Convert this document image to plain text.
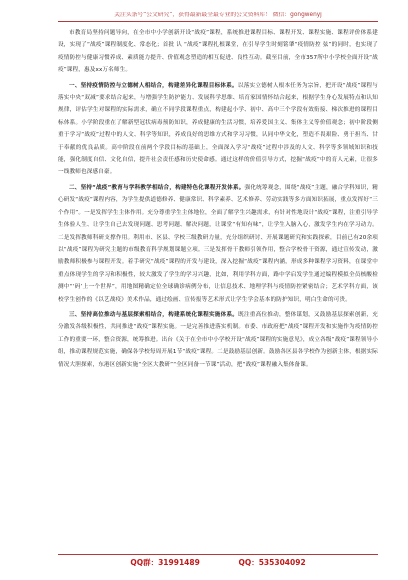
关注头条号“公文研究”，获得最新最全最专业的公文资料库！ 微信：gongwenyj

市教育局坚持问题导向，在全市中小学创新开设“战疫”课程，系统推进课程目标、课程开发、课程实施、课程评价体系建设，实现了“战疫”课程制度化、常态化；首批 认 “战疫”课程扎根课堂，在引导学生时刻铭肇“疫情防控 弦”的同时，也实现了疫情防控与健康习惯养成、素质能力提升、价值观念塑造的相互促进、良性互动。截至目前，全市357所中小学校全面开设“战疫”课程，惠及xx万名师生。

一、坚持疫情防控与立德树人相结合，构建差异化课程目标体系。以落实立德树人根本任务为宗旨，把开设“战疫”课程与落实中央“双减”要求结合起来，与增强学生防护能力、发展科学思维、培育家国情怀结合起来，根据学生身心发展特点和认知规律，评估学生对课程的实际需求，确立不同学段课程重点，构建起小学、初中、高中三个学段有效衔接、梯次推进的课程目标体系。小学阶段重在了解新型冠状病毒预防知识，养成健康的生活习惯，培养爱国主义、集体主义等价值观念；初中阶段侧重于学习“战疫”过程中的人文、科学等知识，养成良好的思维方式和学习习惯，认同中华文化，塑造不畏艰险、勇于担当、甘于奉献的优良品质。高中阶段在前两个学段目标的基础上，全面深入学习“战疫”过程中涉及的人文、科学等多领域知识和技能，强化制度自信、文化自信，提升社会责任感和历史使命感。通过这样的价值引导方式，挖掘“战疫”中的育人元素，让很多一线教师也深感自豪。

二、坚持“战疫”教育与学科教学相结合，构建特色化课程开发体系。强化统筹观念，围绕“战疫”主题，融合学科知识，精心研发“战疫”课程内容，为学生提供道德修养、健康常识、科学素养、艺术修养、劳动实践等多方面知识拓展，重点发挥好“三个作用”。一是发挥学生主体作用。充分尊重学生主体地位，全面了解学生兴趣需求，有针对性地设计“战疫”课程，注重引导学生体验人生、让学生自己去发现问题、思考问题、解决问题，让课堂“有知有味”，让学生入脑入心，激发学生内在学习动力。二是发挥教师科研支撑作用。利用市、区县、学校三级教研力量，充分组织研讨、开展课题研究和实践探索，目前已有20余项以“战疫”课程为研究主题的市级教育科学规划课题立项。三是发挥骨干教师引领作用，整合学校骨干资源，通过宣传发动，激励教师积极参与课程开发。着手研究“战疫”课程的开发与建设，深入挖掘“战疫”课程内涵，形成多种课程学习资料，在课堂中重点体现学生的学习和积极性，较大激发了学生的学习兴趣，比如，利用学科方面，路中学启发学生通过编程模拟全员核酸检测中“‘码’上一个世界”，用地图精确定位全球确诊病例分布，让信息技术、地理学科与疫情防控紧密结合；艺术学科方面，该校学生创作的《以艺战疫》美术作品，通过绘画、宣传报等艺术形式让学生学会基本的防护知识，明白生命的可贵。

三、坚持高位推动与基层探索相结合，构建系统化课程实施体系。既注重高位推动，整体谋划，又鼓励基层探索创新，充分激发各级积极性，共同推进“战疫”课程实施。一是完善推进落实机制。市委、市政府把“战疫”课程开发和实施作为疫情防控工作的重要一环，整合资源，统筹推进。出台《关于在全市中小学校开设“战疫”课程的实施意见》，成立各级“战疫”课程领导小组，推动课程规范实施，确保各学校每周开展1节“战疫”课程。二是鼓励基层创新。鼓励各区县各学校作为创新主体，根据实际情况大胆探索，东港区创新实施“全区大教研”“全区同备一节课”活动，把“战疫”课程融入集体备课。

QQ群：31991489	QQ：535304092
